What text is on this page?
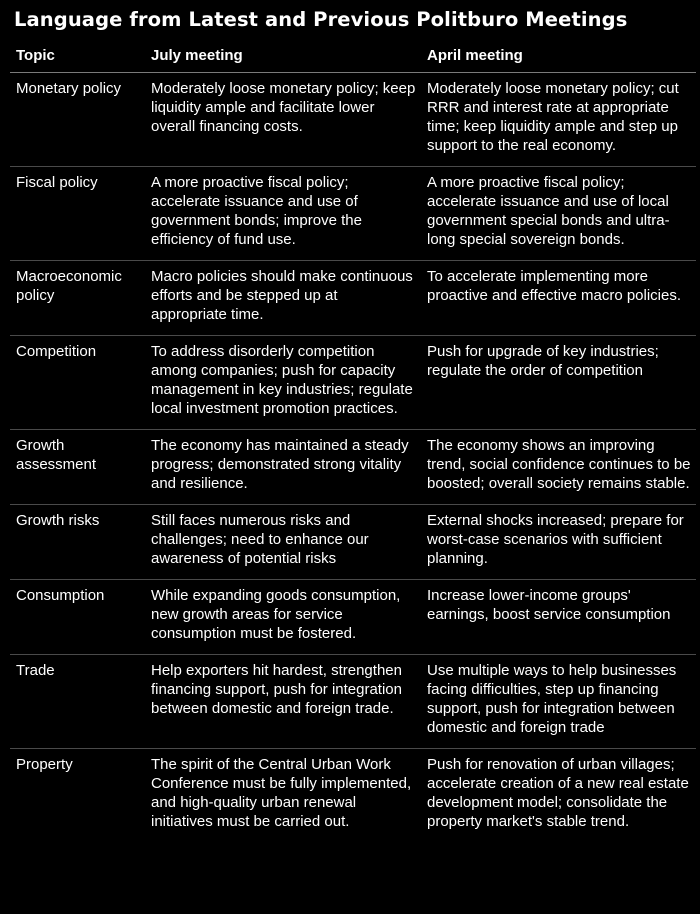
Language from Latest and Previous Politburo Meetings
Topic	July meeting	April meeting
Monetary policy	Moderately loose monetary policy; keep liquidity ample and facilitate lower overall financing costs.	Moderately loose monetary policy; cut RRR and interest rate at appropriate time; keep liquidity ample and step up support to the real economy.
Fiscal policy	A more proactive fiscal policy; accelerate issuance and use of government bonds; improve the efficiency of fund use.	A more proactive fiscal policy; accelerate issuance and use of local government special bonds and ultra-long special sovereign bonds.
Macroeconomic policy	Macro policies should make continuous efforts and be stepped up at appropriate time.	To accelerate implementing more proactive and effective macro policies.
Competition	To address disorderly competition among companies; push for capacity management in key industries; regulate local investment promotion practices.	Push for upgrade of key industries; regulate the order of competition
Growth assessment	The economy has maintained a steady progress; demonstrated strong vitality and resilience.	The economy shows an improving trend, social confidence continues to be boosted; overall society remains stable.
Growth risks	Still faces numerous risks and challenges; need to enhance our awareness of potential risks	External shocks increased; prepare for worst-case scenarios with sufficient planning.
Consumption	While expanding goods consumption, new growth areas for service consumption must be fostered.	Increase lower-income groups' earnings, boost service consumption
Trade	Help exporters hit hardest, strengthen financing support, push for integration between domestic and foreign trade.	Use multiple ways to help businesses facing difficulties, step up financing support, push for integration between domestic and foreign trade
Property	The spirit of the Central Urban Work Conference must be fully implemented, and high-quality urban renewal initiatives must be carried out.	Push for renovation of urban villages; accelerate creation of a new real estate development model; consolidate the property market's stable trend.
